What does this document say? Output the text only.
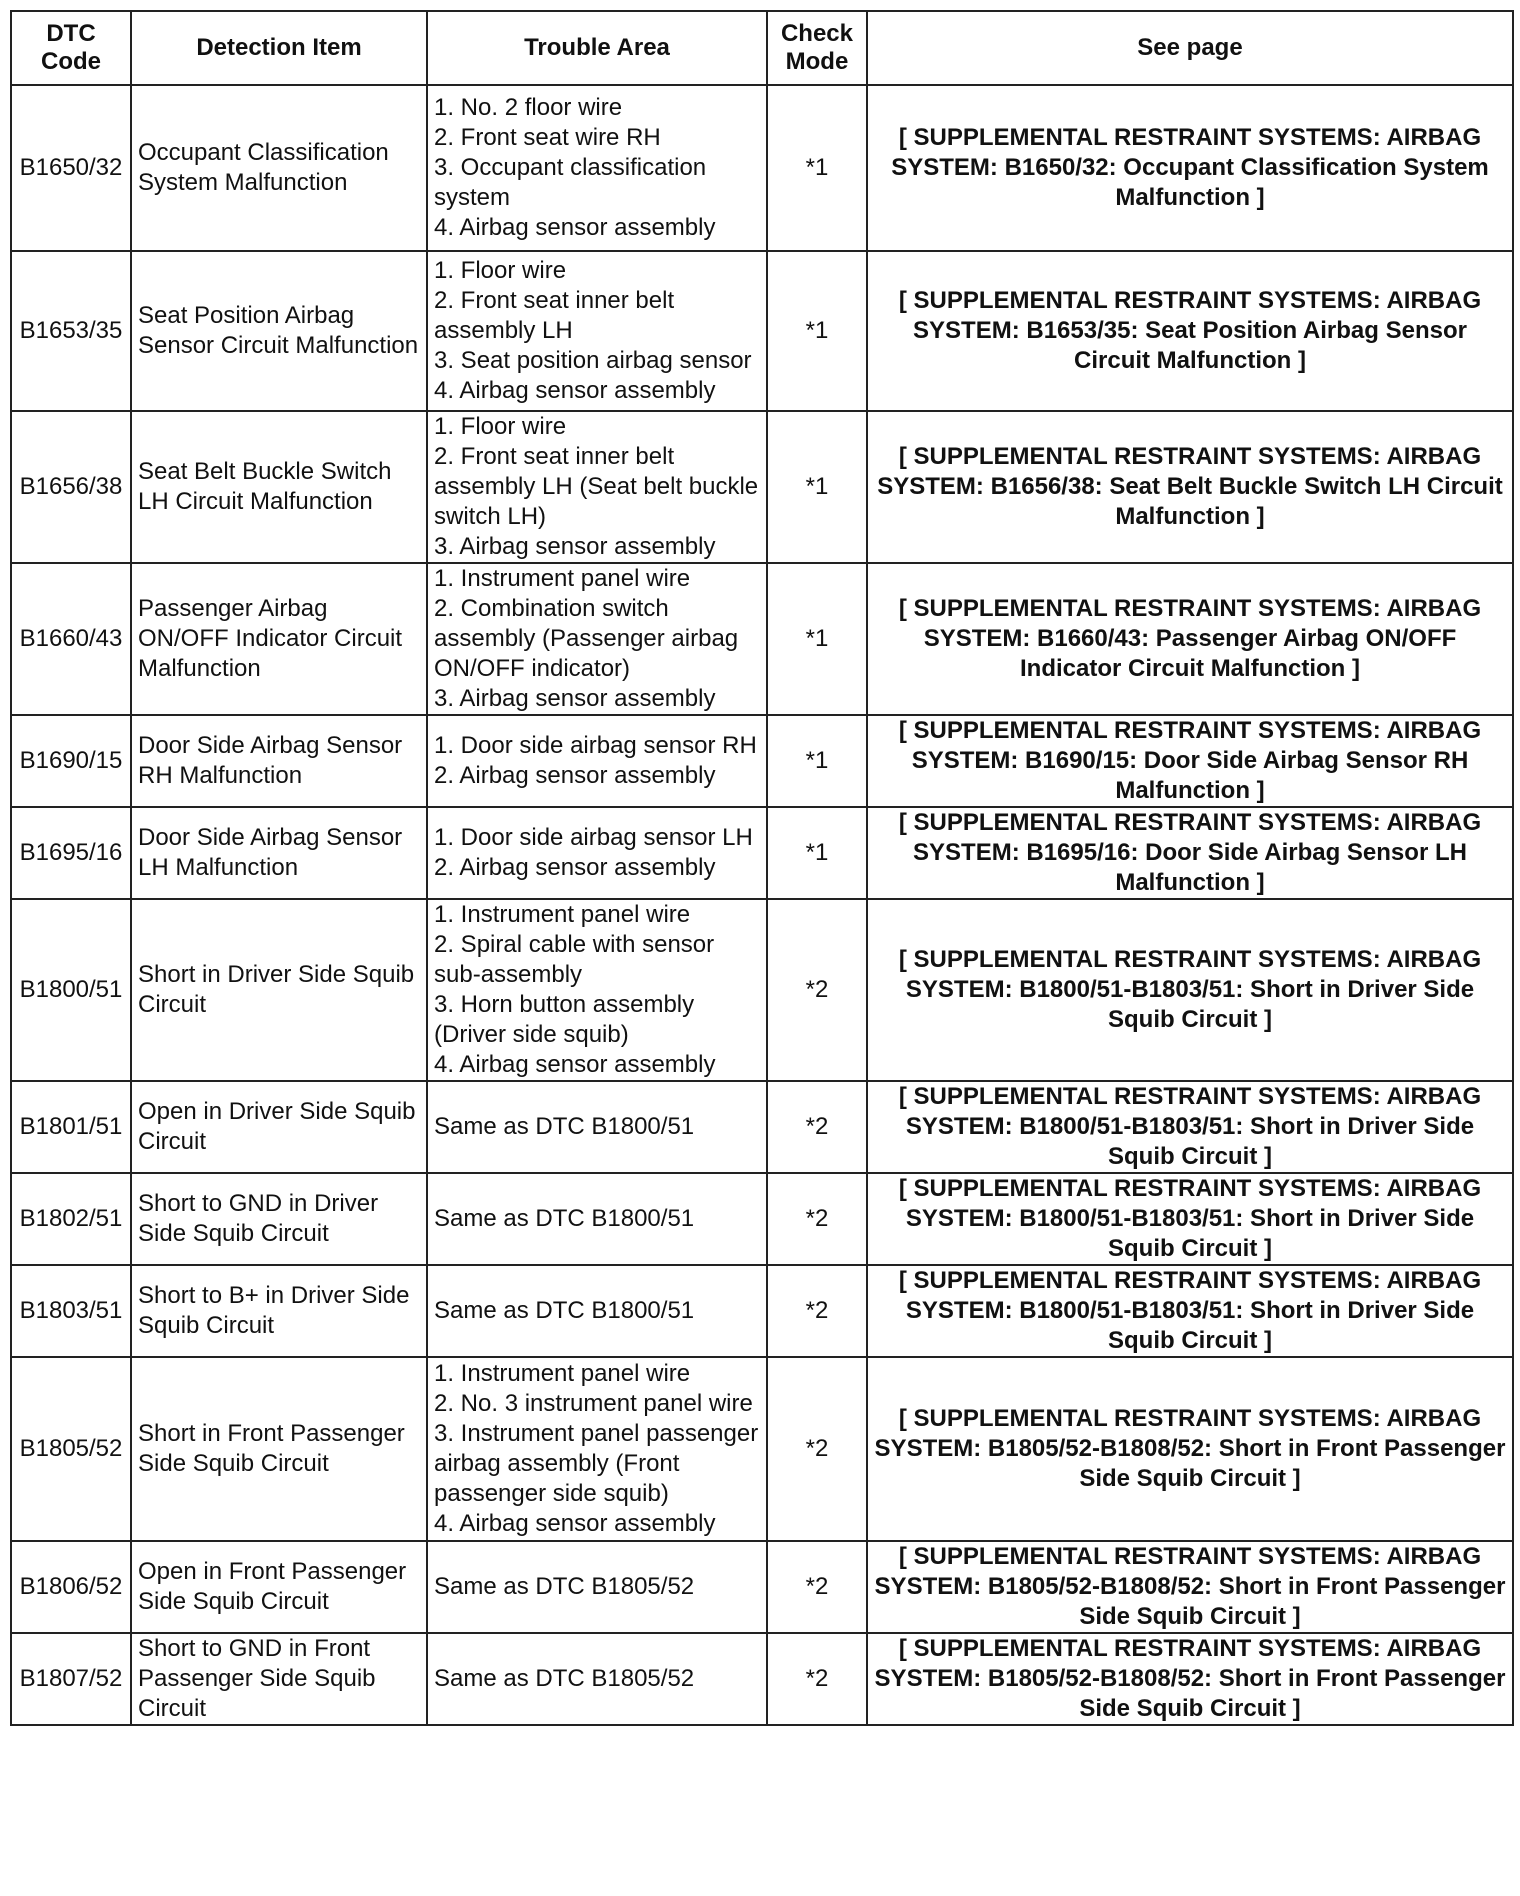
DTC Code	Detection Item	Trouble Area	Check Mode	See page
B1650/32	Occupant Classification System Malfunction	1. No. 2 floor wire
2. Front seat wire RH
3. Occupant classification system
4. Airbag sensor assembly	*1	[ SUPPLEMENTAL RESTRAINT SYSTEMS: AIRBAG SYSTEM: B1650/32: Occupant Classification System Malfunction ]
B1653/35	Seat Position Airbag Sensor Circuit Malfunction	1. Floor wire
2. Front seat inner belt assembly LH
3. Seat position airbag sensor
4. Airbag sensor assembly	*1	[ SUPPLEMENTAL RESTRAINT SYSTEMS: AIRBAG SYSTEM: B1653/35: Seat Position Airbag Sensor Circuit Malfunction ]
B1656/38	Seat Belt Buckle Switch LH Circuit Malfunction	1. Floor wire
2. Front seat inner belt assembly LH (Seat belt buckle switch LH)
3. Airbag sensor assembly	*1	[ SUPPLEMENTAL RESTRAINT SYSTEMS: AIRBAG SYSTEM: B1656/38: Seat Belt Buckle Switch LH Circuit Malfunction ]
B1660/43	Passenger Airbag ON/OFF Indicator Circuit Malfunction	1. Instrument panel wire
2. Combination switch assembly (Passenger airbag ON/OFF indicator)
3. Airbag sensor assembly	*1	[ SUPPLEMENTAL RESTRAINT SYSTEMS: AIRBAG SYSTEM: B1660/43: Passenger Airbag ON/OFF Indicator Circuit Malfunction ]
B1690/15	Door Side Airbag Sensor RH Malfunction	1. Door side airbag sensor RH
2. Airbag sensor assembly	*1	[ SUPPLEMENTAL RESTRAINT SYSTEMS: AIRBAG SYSTEM: B1690/15: Door Side Airbag Sensor RH Malfunction ]
B1695/16	Door Side Airbag Sensor LH Malfunction	1. Door side airbag sensor LH
2. Airbag sensor assembly	*1	[ SUPPLEMENTAL RESTRAINT SYSTEMS: AIRBAG SYSTEM: B1695/16: Door Side Airbag Sensor LH Malfunction ]
B1800/51	Short in Driver Side Squib Circuit	1. Instrument panel wire
2. Spiral cable with sensor sub-assembly
3. Horn button assembly (Driver side squib)
4. Airbag sensor assembly	*2	[ SUPPLEMENTAL RESTRAINT SYSTEMS: AIRBAG SYSTEM: B1800/51-B1803/51: Short in Driver Side Squib Circuit ]
B1801/51	Open in Driver Side Squib Circuit	Same as DTC B1800/51	*2	[ SUPPLEMENTAL RESTRAINT SYSTEMS: AIRBAG SYSTEM: B1800/51-B1803/51: Short in Driver Side Squib Circuit ]
B1802/51	Short to GND in Driver Side Squib Circuit	Same as DTC B1800/51	*2	[ SUPPLEMENTAL RESTRAINT SYSTEMS: AIRBAG SYSTEM: B1800/51-B1803/51: Short in Driver Side Squib Circuit ]
B1803/51	Short to B+ in Driver Side Squib Circuit	Same as DTC B1800/51	*2	[ SUPPLEMENTAL RESTRAINT SYSTEMS: AIRBAG SYSTEM: B1800/51-B1803/51: Short in Driver Side Squib Circuit ]
B1805/52	Short in Front Passenger Side Squib Circuit	1. Instrument panel wire
2. No. 3 instrument panel wire
3. Instrument panel passenger airbag assembly (Front passenger side squib)
4. Airbag sensor assembly	*2	[ SUPPLEMENTAL RESTRAINT SYSTEMS: AIRBAG SYSTEM: B1805/52-B1808/52: Short in Front Passenger Side Squib Circuit ]
B1806/52	Open in Front Passenger Side Squib Circuit	Same as DTC B1805/52	*2	[ SUPPLEMENTAL RESTRAINT SYSTEMS: AIRBAG SYSTEM: B1805/52-B1808/52: Short in Front Passenger Side Squib Circuit ]
B1807/52	Short to GND in Front Passenger Side Squib Circuit	Same as DTC B1805/52	*2	[ SUPPLEMENTAL RESTRAINT SYSTEMS: AIRBAG SYSTEM: B1805/52-B1808/52: Short in Front Passenger Side Squib Circuit ]
